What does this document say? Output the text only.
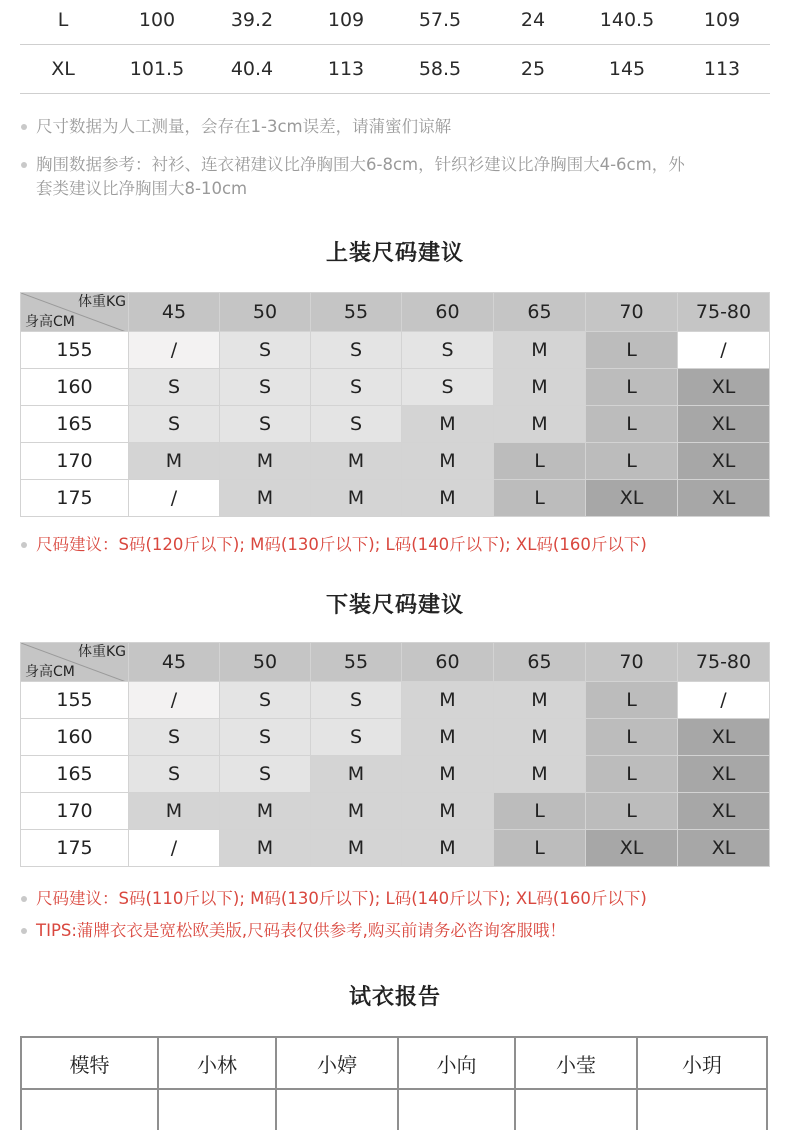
L	100	39.2	109	57.5	24	140.5	109
XL	101.5	40.4	113	58.5	25	145	113
尺寸数据为人工测量，会存在1-3cm误差，请蒲蜜们谅解
胸围数据参考：衬衫、连衣裙建议比净胸围大6-8cm，针织衫建议比净胸围大4-6cm，外
套类建议比净胸围大8-10cm
上装尺码建议
体重KG
身高CM	45	50	55	60	65	70	75-80
155	/	S	S	S	M	L	/
160	S	S	S	S	M	L	XL
165	S	S	S	M	M	L	XL
170	M	M	M	M	L	L	XL
175	/	M	M	M	L	XL	XL
尺码建议：S码(120斤以下); M码(130斤以下); L码(140斤以下); XL码(160斤以下)
下装尺码建议
体重KG
身高CM	45	50	55	60	65	70	75-80
155	/	S	S	M	M	L	/
160	S	S	S	M	M	L	XL
165	S	S	M	M	M	L	XL
170	M	M	M	M	L	L	XL
175	/	M	M	M	L	XL	XL
尺码建议：S码(110斤以下); M码(130斤以下); L码(140斤以下); XL码(160斤以下)
TIPS:蒲牌衣衣是宽松欧美版,尺码表仅供参考,购买前请务必咨询客服哦！
试衣报告
模特	小林	小婷	小向	小莹	小玥
